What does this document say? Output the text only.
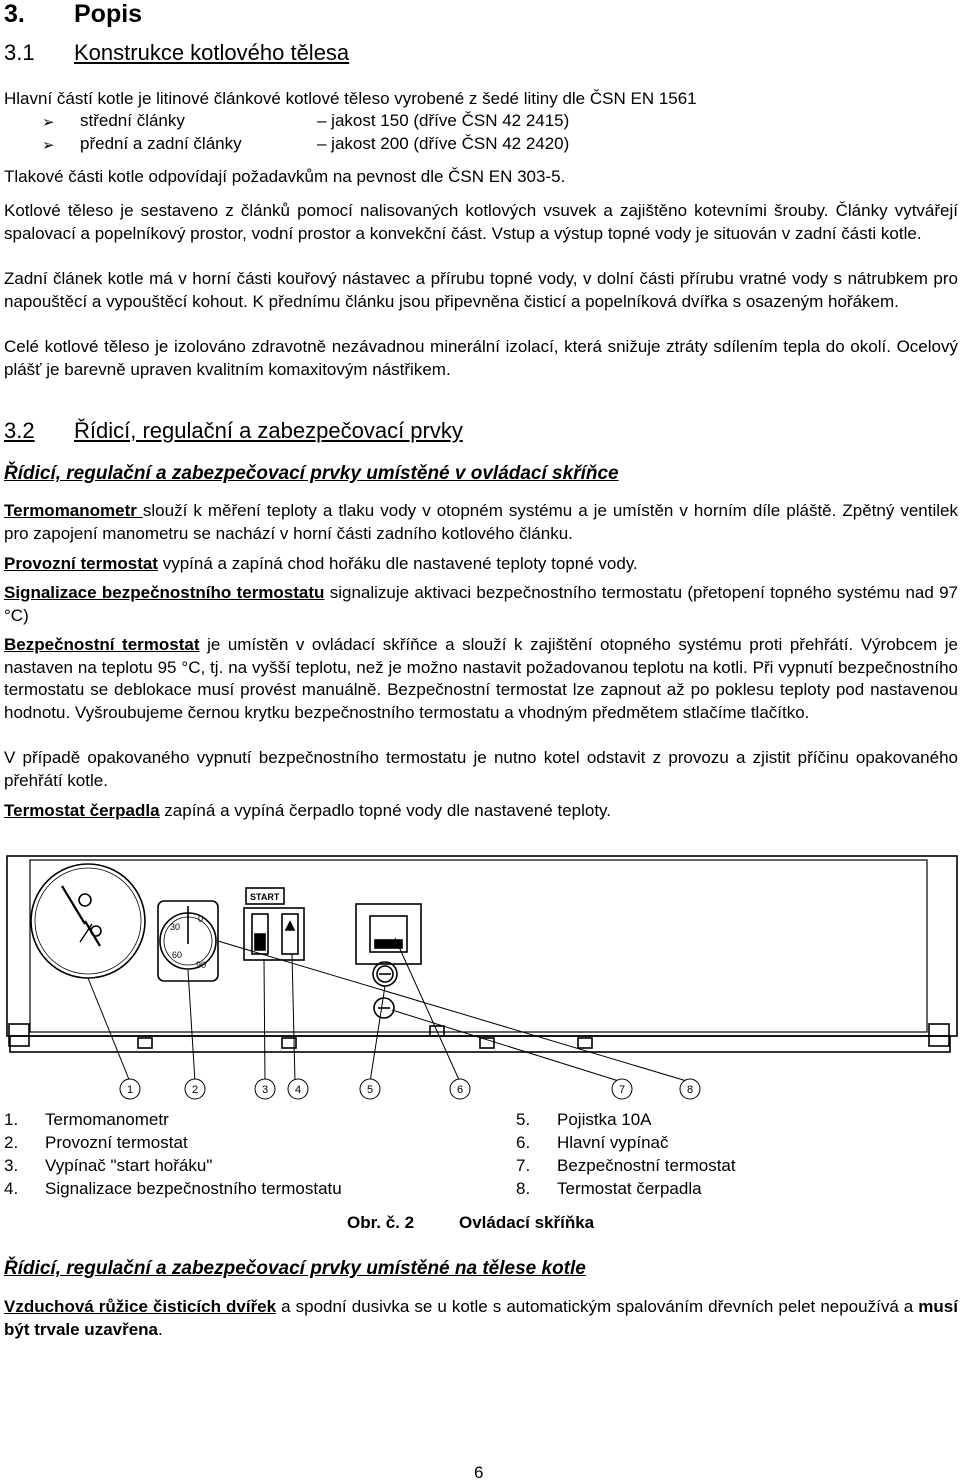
3. Popis
3.1 Konstrukce kotlového tělesa
Hlavní částí kotle je litinové článkové kotlové těleso vyrobené z šedé litiny dle ČSN EN 1561
➢ střední články	– jakost 150 (dříve ČSN 42 2415)
➢ přední a zadní články	– jakost 200 (dříve ČSN 42 2420)
Tlakové části kotle odpovídají požadavkům na pevnost dle ČSN EN 303-5.
Kotlové těleso je sestaveno z článků pomocí nalisovaných kotlových vsuvek a zajištěno kotevními šrouby. Články vytvářejí spalovací a popelníkový prostor, vodní prostor a konvekční část. Vstup a výstup topné vody je situován v zadní části kotle.
Zadní článek kotle má v horní části kouřový nástavec a přírubu topné vody, v dolní části přírubu vratné vody s nátrubkem pro napouštěcí a vypouštěcí kohout. K přednímu článku jsou připevněna čisticí a popelníková dvířka s osazeným hořákem.
Celé kotlové těleso je izolováno zdravotně nezávadnou minerální izolací, která snižuje ztráty sdílením tepla do okolí. Ocelový plášť je barevně upraven kvalitním komaxitovým nástřikem.
3.2 Řídicí, regulační a zabezpečovací prvky
Řídicí, regulační a zabezpečovací prvky umístěné v ovládací skříňce
Termomanometr slouží k měření teploty a tlaku vody v otopném systému a je umístěn v horním díle pláště. Zpětný ventilek pro zapojení manometru se nachází v horní části zadního kotlového článku.
Provozní termostat vypíná a zapíná chod hořáku dle nastavené teploty topné vody.
Signalizace bezpečnostního termostatu signalizuje aktivaci bezpečnostního termostatu (přetopení topného systému nad 97 °C)
Bezpečnostní termostat je umístěn v ovládací skříňce a slouží k zajištění otopného systému proti přehřátí. Výrobcem je nastaven na teplotu 95 °C, tj. na vyšší teplotu, než je možno nastavit požadovanou teplotu na kotli. Při vypnutí bezpečnostního termostatu se deblokace musí provést manuálně. Bezpečnostní termostat lze zapnout až po poklesu teploty pod nastavenou hodnotu. Vyšroubujeme černou krytku bezpečnostního termostatu a vhodným předmětem stlačíme tlačítko.
V případě opakovaného vypnutí bezpečnostního termostatu je nutno kotel odstavit z provozu a zjistit příčinu opakovaného přehřátí kotle.
Termostat čerpadla zapíná a vypíná čerpadlo topné vody dle nastavené teploty.
START
0
30
60
90
1	2	3 4	5	6	7	8
1. Termomanometr
2. Provozní termostat
3. Vypínač "start hořáku"
4. Signalizace bezpečnostního termostatu
5. Pojistka 10A
6. Hlavní vypínač
7. Bezpečnostní termostat
8. Termostat čerpadla
Obr. č. 2	Ovládací skříňka
Řídicí, regulační a zabezpečovací prvky umístěné na tělese kotle
Vzduchová růžice čisticích dvířek a spodní dusivka se u kotle s automatickým spalováním dřevních pelet nepoužívá a musí být trvale uzavřena.
6
